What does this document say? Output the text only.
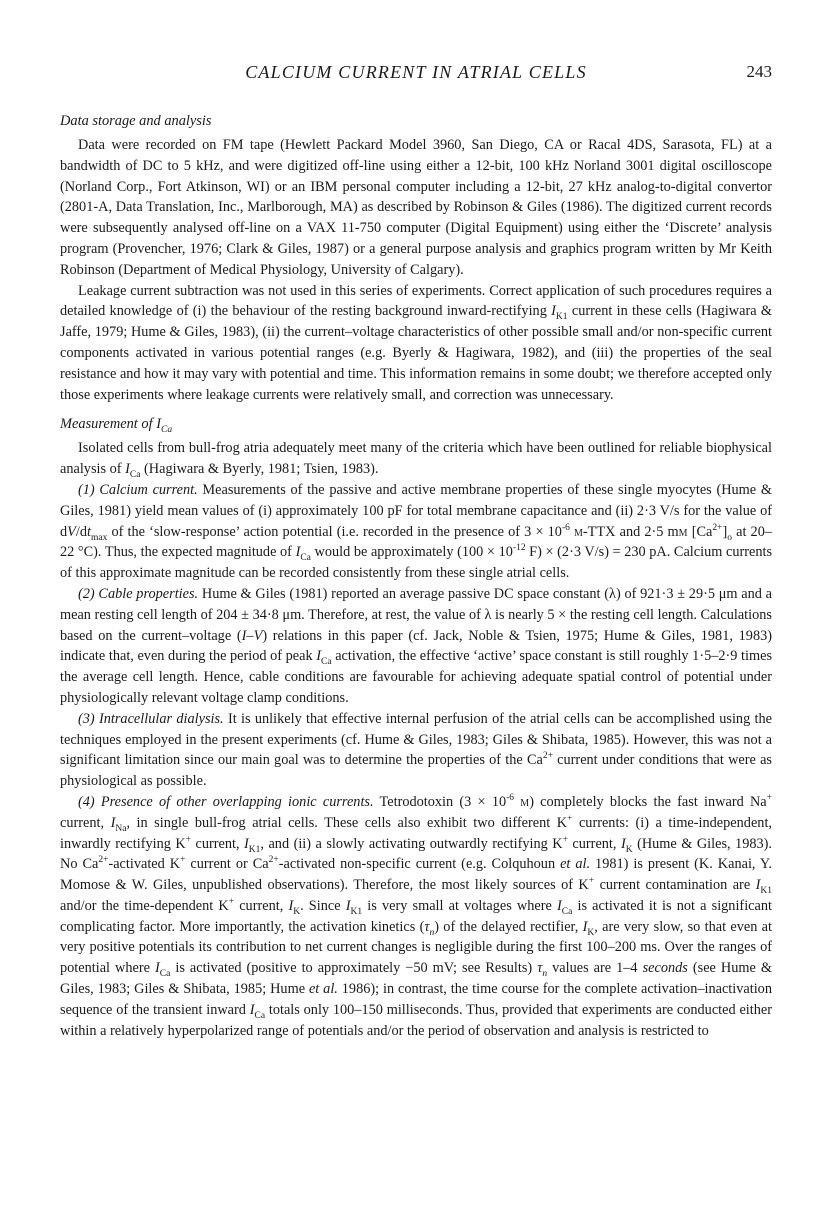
CALCIUM CURRENT IN ATRIAL CELLS	243
Data storage and analysis

Data were recorded on FM tape (Hewlett Packard Model 3960, San Diego, CA or Racal 4DS, Sarasota, FL) at a bandwidth of DC to 5 kHz, and were digitized off-line using either a 12-bit, 100 kHz Norland 3001 digital oscilloscope (Norland Corp., Fort Atkinson, WI) or an IBM personal computer including a 12-bit, 27 kHz analog-to-digital convertor (2801-A, Data Translation, Inc., Marlborough, MA) as described by Robinson & Giles (1986). The digitized current records were subsequently analysed off-line on a VAX 11-750 computer (Digital Equipment) using either the ‘Discrete’ analysis program (Provencher, 1976; Clark & Giles, 1987) or a general purpose analysis and graphics program written by Mr Keith Robinson (Department of Medical Physiology, University of Calgary).

Leakage current subtraction was not used in this series of experiments. Correct application of such procedures requires a detailed knowledge of (i) the behaviour of the resting background inward-rectifying $I_{K1}$ current in these cells (Hagiwara & Jaffe, 1979; Hume & Giles, 1983), (ii) the current–voltage characteristics of other possible small and/or non-specific current components activated in various potential ranges (e.g. Byerly & Hagiwara, 1982), and (iii) the properties of the seal resistance and how it may vary with potential and time. This information remains in some doubt; we therefore accepted only those experiments where leakage currents were relatively small, and correction was unnecessary.

Measurement of $I_{Ca}$

Isolated cells from bull-frog atria adequately meet many of the criteria which have been outlined for reliable biophysical analysis of $I_{Ca}$ (Hagiwara & Byerly, 1981; Tsien, 1983).

(1) Calcium current. Measurements of the passive and active membrane properties of these single myocytes (Hume & Giles, 1981) yield mean values of (i) approximately 100 pF for total membrane capacitance and (ii) 2·3 V/s for the value of $dV/dt_{max}$ of the ‘slow-response’ action potential (i.e. recorded in the presence of $3 \times 10^{-6}$ m-TTX and 2·5 mm $[Ca^{2+}]_o$ at 20–22 °C). Thus, the expected magnitude of $I_{Ca}$ would be approximately ($100 \times 10^{-12}$ F) × (2·3 V/s) = 230 pA. Calcium currents of this approximate magnitude can be recorded consistently from these single atrial cells.

(2) Cable properties. Hume & Giles (1981) reported an average passive DC space constant (λ) of 921·3 ± 29·5 μm and a mean resting cell length of 204 ± 34·8 μm. Therefore, at rest, the value of λ is nearly 5 × the resting cell length. Calculations based on the current–voltage (I–V) relations in this paper (cf. Jack, Noble & Tsien, 1975; Hume & Giles, 1981, 1983) indicate that, even during the period of peak $I_{Ca}$ activation, the effective ‘active’ space constant is still roughly 1·5–2·9 times the average cell length. Hence, cable conditions are favourable for achieving adequate spatial control of potential under physiologically relevant voltage clamp conditions.

(3) Intracellular dialysis. It is unlikely that effective internal perfusion of the atrial cells can be accomplished using the techniques employed in the present experiments (cf. Hume & Giles, 1983; Giles & Shibata, 1985). However, this was not a significant limitation since our main goal was to determine the properties of the $Ca^{2+}$ current under conditions that were as physiological as possible.

(4) Presence of other overlapping ionic currents. Tetrodotoxin ($3 \times 10^{-6}$ m) completely blocks the fast inward Na+ current, $I_{Na}$, in single bull-frog atrial cells. These cells also exhibit two different K+ currents: (i) a time-independent, inwardly rectifying K+ current, $I_{K1}$, and (ii) a slowly activating outwardly rectifying K+ current, $I_K$ (Hume & Giles, 1983). No $Ca^{2+}$-activated K+ current or $Ca^{2+}$-activated non-specific current (e.g. Colquhoun et al. 1981) is present (K. Kanai, Y. Momose & W. Giles, unpublished observations). Therefore, the most likely sources of K+ current contamination are $I_{K1}$ and/or the time-dependent K+ current, $I_K$. Since $I_{K1}$ is very small at voltages where $I_{Ca}$ is activated it is not a significant complicating factor. More importantly, the activation kinetics $(\tau_n)$ of the delayed rectifier, $I_K$, are very slow, so that even at very positive potentials its contribution to net current changes is negligible during the first 100–200 ms. Over the ranges of potential where $I_{Ca}$ is activated (positive to approximately −50 mV; see Results) $\tau_n$ values are 1–4 seconds (see Hume & Giles, 1983; Giles & Shibata, 1985; Hume et al. 1986); in contrast, the time course for the complete activation–inactivation sequence of the transient inward $I_{Ca}$ totals only 100–150 milliseconds. Thus, provided that experiments are conducted either within a relatively hyperpolarized range of potentials and/or the period of observation and analysis is restricted to
